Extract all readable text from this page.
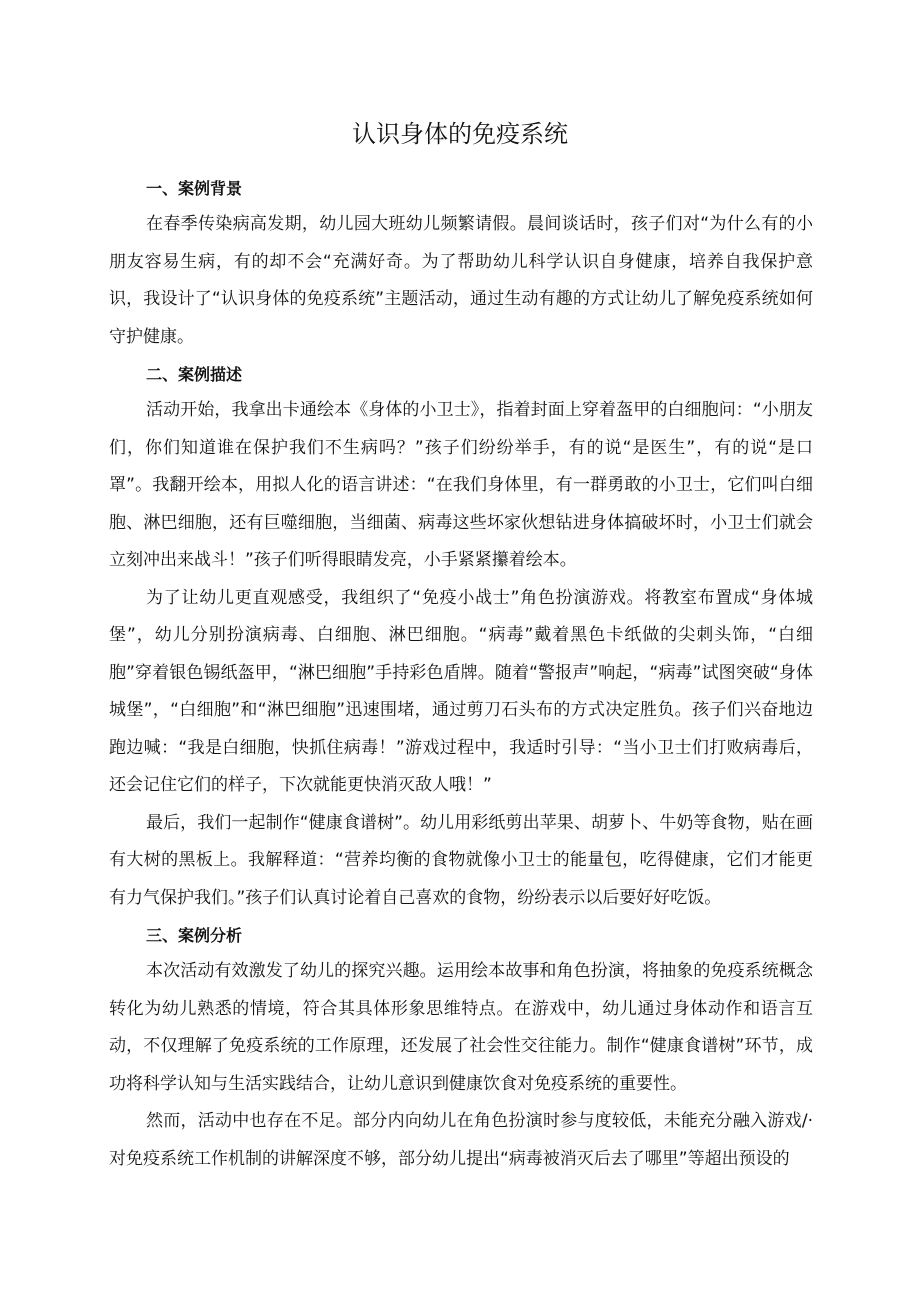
认识身体的免疫系统
一、案例背景

在春季传染病高发期，幼儿园大班幼儿频繁请假。晨间谈话时，孩子们对“为什么有的小朋友容易生病，有的却不会“充满好奇。为了帮助幼儿科学认识自身健康，培养自我保护意识，我设计了“认识身体的免疫系统”主题活动，通过生动有趣的方式让幼儿了解免疫系统如何守护健康。

二、案例描述

活动开始，我拿出卡通绘本《身体的小卫士》，指着封面上穿着盔甲的白细胞问：“小朋友们，你们知道谁在保护我们不生病吗？”孩子们纷纷举手，有的说“是医生”，有的说“是口罩”。我翻开绘本，用拟人化的语言讲述：“在我们身体里，有一群勇敢的小卫士，它们叫白细胞、淋巴细胞，还有巨噬细胞，当细菌、病毒这些坏家伙想钻进身体搞破坏时，小卫士们就会立刻冲出来战斗！”孩子们听得眼睛发亮，小手紧紧攥着绘本。

为了让幼儿更直观感受，我组织了“免疫小战士”角色扮演游戏。将教室布置成“身体城堡”，幼儿分别扮演病毒、白细胞、淋巴细胞。“病毒”戴着黑色卡纸做的尖刺头饰，“白细胞”穿着银色锡纸盔甲，“淋巴细胞”手持彩色盾牌。随着“警报声”响起，“病毒”试图突破“身体城堡”，“白细胞”和“淋巴细胞”迅速围堵，通过剪刀石头布的方式决定胜负。孩子们兴奋地边跑边喊：“我是白细胞，快抓住病毒！”游戏过程中，我适时引导：“当小卫士们打败病毒后，还会记住它们的样子，下次就能更快消灭敌人哦！”

最后，我们一起制作“健康食谱树”。幼儿用彩纸剪出苹果、胡萝卜、牛奶等食物，贴在画有大树的黑板上。我解释道：“营养均衡的食物就像小卫士的能量包，吃得健康，它们才能更有力气保护我们。”孩子们认真讨论着自己喜欢的食物，纷纷表示以后要好好吃饭。

三、案例分析

本次活动有效激发了幼儿的探究兴趣。运用绘本故事和角色扮演，将抽象的免疫系统概念转化为幼儿熟悉的情境，符合其具体形象思维特点。在游戏中，幼儿通过身体动作和语言互动，不仅理解了免疫系统的工作原理，还发展了社会性交往能力。制作“健康食谱树”环节，成功将科学认知与生活实践结合，让幼儿意识到健康饮食对免疫系统的重要性。

然而，活动中也存在不足。部分内向幼儿在角色扮演时参与度较低，未能充分融入游戏/·对免疫系统工作机制的讲解深度不够，部分幼儿提出“病毒被消灭后去了哪里”等超出预设的
